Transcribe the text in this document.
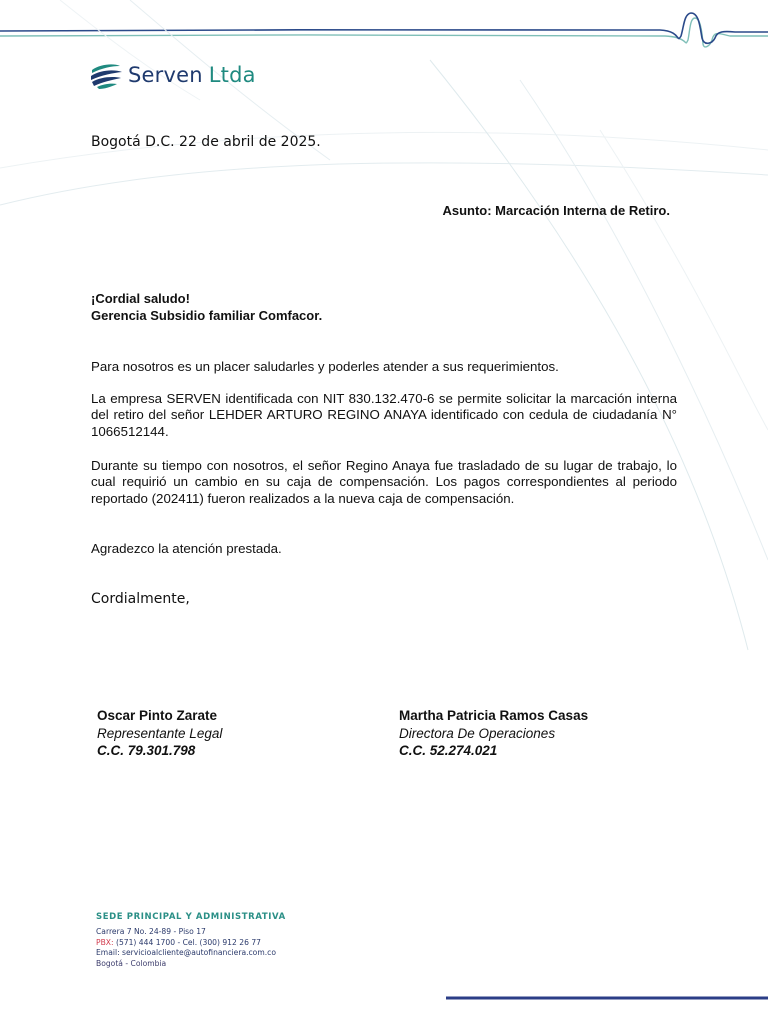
Serven Ltda
Bogotá D.C. 22 de abril de 2025.
Asunto: Marcación Interna de Retiro.
¡Cordial saludo!
Gerencia Subsidio familiar Comfacor.
Para nosotros es un placer saludarles y poderles atender a sus requerimientos.
La empresa SERVEN identificada con NIT 830.132.470-6 se permite solicitar la marcación interna del retiro del señor LEHDER ARTURO REGINO ANAYA identificado con cedula de ciudadanía N° 1066512144.
Durante su tiempo con nosotros, el señor Regino Anaya fue trasladado de su lugar de trabajo, lo cual requirió un cambio en su caja de compensación. Los pagos correspondientes al periodo reportado (202411) fueron realizados a la nueva caja de compensación.
Agradezco la atención prestada.
Cordialmente,
Oscar Pinto Zarate
Representante Legal
C.C. 79.301.798
Martha Patricia Ramos Casas
Directora De Operaciones
C.C. 52.274.021
SEDE PRINCIPAL Y ADMINISTRATIVA
Carrera 7 No. 24-89 - Piso 17
PBX: (571) 444 1700 - Cel. (300) 912 26 77
Email: servicioalcliente@autofinanciera.com.co
Bogotá - Colombia
